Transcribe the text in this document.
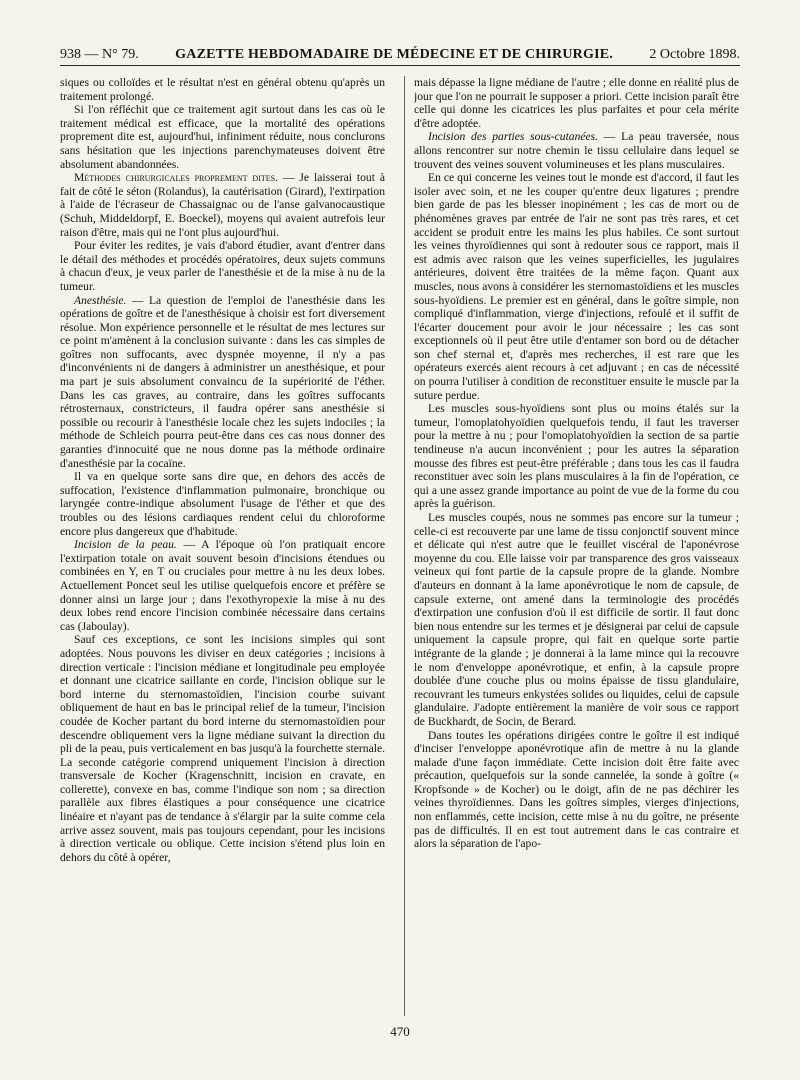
938 — N° 79.	GAZETTE HEBDOMADAIRE DE MÉDECINE ET DE CHIRURGIE.	2 Octobre 1898.

siques ou colloïdes et le résultat n'est en général obtenu qu'après un traitement prolongé.

Si l'on réfléchit que ce traitement agit surtout dans les cas où le traitement médical est efficace, que la mortalité des opérations proprement dite est, aujourd'hui, infiniment réduite, nous conclurons sans hésitation que les injections parenchymateuses doivent être absolument abandonnées.

Méthodes chirurgicales proprement dites. — Je laisserai tout à fait de côté le séton (Rolandus), la cautérisation (Girard), l'extirpation à l'aide de l'écraseur de Chassaignac ou de l'anse galvanocaustique (Schuh, Middeldorpf, E. Boeckel), moyens qui avaient autrefois leur raison d'être, mais qui ne l'ont plus aujourd'hui.

Pour éviter les redites, je vais d'abord étudier, avant d'entrer dans le détail des méthodes et procédés opératoires, deux sujets communs à chacun d'eux, je veux parler de l'anesthésie et de la mise à nu de la tumeur.

Anesthésie. — La question de l'emploi de l'anesthésie dans les opérations de goître et de l'anesthésique à choisir est fort diversement résolue. Mon expérience personnelle et le résultat de mes lectures sur ce point m'amènent à la conclusion suivante : dans les cas simples de goîtres non suffocants, avec dyspnée moyenne, il n'y a pas d'inconvénients ni de dangers à administrer un anesthésique, et pour ma part je suis absolument convaincu de la supériorité de l'éther. Dans les cas graves, au contraire, dans les goîtres suffocants rétrosternaux, constricteurs, il faudra opérer sans anesthésie si possible ou recourir à l'anesthésie locale chez les sujets indociles ; la méthode de Schleich pourra peut-être dans ces cas nous donner des garanties d'innocuité que ne nous donne pas la méthode ordinaire d'anesthésie par la cocaïne.

Il va en quelque sorte sans dire que, en dehors des accès de suffocation, l'existence d'inflammation pulmonaire, bronchique ou laryngée contre-indique absolument l'usage de l'éther et que des troubles ou des lésions cardiaques rendent celui du chloroforme encore plus dangereux que d'habitude.

Incision de la peau. — A l'époque où l'on pratiquait encore l'extirpation totale on avait souvent besoin d'incisions étendues ou combinées en Y, en T ou cruciales pour mettre à nu les deux lobes. Actuellement Poncet seul les utilise quelquefois encore et préfère se donner ainsi un large jour ; dans l'exothyropexie la mise à nu des deux lobes rend encore l'incision combinée nécessaire dans certains cas (Jaboulay).

Sauf ces exceptions, ce sont les incisions simples qui sont adoptées. Nous pouvons les diviser en deux catégories ; incisions à direction verticale : l'incision médiane et longitudinale peu employée et donnant une cicatrice saillante en corde, l'incision oblique sur le bord interne du sternomastoïdien, l'incision courbe suivant obliquement de haut en bas le principal relief de la tumeur, l'incision coudée de Kocher partant du bord interne du sternomastoïdien pour descendre obliquement vers la ligne médiane suivant la direction du pli de la peau, puis verticalement en bas jusqu'à la fourchette sternale. La seconde catégorie comprend uniquement l'incision à direction transversale de Kocher (Kragenschnitt, incision en cravate, en collerette), convexe en bas, comme l'indique son nom ; sa direction parallèle aux fibres élastiques a pour conséquence une cicatrice linéaire et n'ayant pas de tendance à s'élargir par la suite comme cela arrive assez souvent, mais pas toujours cependant, pour les incisions à direction verticale ou oblique. Cette incision s'étend plus loin en dehors du côté à opérer,

mais dépasse la ligne médiane de l'autre ; elle donne en réalité plus de jour que l'on ne pourrait le supposer a priori. Cette incision paraît être celle qui donne les cicatrices les plus parfaites et pour cela mérite d'être adoptée.

Incision des parties sous-cutanées. — La peau traversée, nous allons rencontrer sur notre chemin le tissu cellulaire dans lequel se trouvent des veines souvent volumineuses et les plans musculaires.

En ce qui concerne les veines tout le monde est d'accord, il faut les isoler avec soin, et ne les couper qu'entre deux ligatures ; prendre bien garde de pas les blesser inopinément ; les cas de mort ou de phénomènes graves par entrée de l'air ne sont pas très rares, et cet accident se produit entre les mains les plus habiles. Ce sont surtout les veines thyroïdiennes qui sont à redouter sous ce rapport, mais il est admis avec raison que les veines superficielles, les jugulaires antérieures, doivent être traitées de la même façon. Quant aux muscles, nous avons à considérer les sternomastoïdiens et les muscles sous-hyoïdiens. Le premier est en général, dans le goître simple, non compliqué d'inflammation, vierge d'injections, refoulé et il suffit de l'écarter doucement pour avoir le jour nécessaire ; les cas sont exceptionnels où il peut être utile d'entamer son bord ou de détacher son chef sternal et, d'après mes recherches, il est rare que les opérateurs exercés aient recours à cet adjuvant ; en cas de nécessité on pourra l'utiliser à condition de reconstituer ensuite le muscle par la suture perdue.

Les muscles sous-hyoïdiens sont plus ou moins étalés sur la tumeur, l'omoplatohyoïdien quelquefois tendu, il faut les traverser pour la mettre à nu ; pour l'omoplatohyoïdien la section de sa partie tendineuse n'a aucun inconvénient ; pour les autres la séparation mousse des fibres est peut-être préférable ; dans tous les cas il faudra reconstituer avec soin les plans musculaires à la fin de l'opération, ce qui a une assez grande importance au point de vue de la forme du cou après la guérison.

Les muscles coupés, nous ne sommes pas encore sur la tumeur ; celle-ci est recouverte par une lame de tissu conjonctif souvent mince et délicate qui n'est autre que le feuillet viscéral de l'aponévrose moyenne du cou. Elle laisse voir par transparence des gros vaisseaux veineux qui font partie de la capsule propre de la glande. Nombre d'auteurs en donnant à la lame aponévrotique le nom de capsule, de capsule externe, ont amené dans la terminologie des procédés d'extirpation une confusion d'où il est difficile de sortir. Il faut donc bien nous entendre sur les termes et je désignerai par celui de capsule uniquement la capsule propre, qui fait en quelque sorte partie intégrante de la glande ; je donnerai à la lame mince qui la recouvre le nom d'enveloppe aponévrotique, et enfin, à la capsule propre doublée d'une couche plus ou moins épaisse de tissu glandulaire, recouvrant les tumeurs enkystées solides ou liquides, celui de capsule glandulaire. J'adopte entièrement la manière de voir sous ce rapport de Buckhardt, de Socin, de Berard.

Dans toutes les opérations dirigées contre le goître il est indiqué d'inciser l'enveloppe aponévrotique afin de mettre à nu la glande malade d'une façon immédiate. Cette incision doit être faite avec précaution, quelquefois sur la sonde cannelée, la sonde à goître (« Kropfsonde » de Kocher) ou le doigt, afin de ne pas déchirer les veines thyroïdiennes. Dans les goîtres simples, vierges d'injections, non enflammés, cette incision, cette mise à nu du goître, ne présente pas de difficultés. Il en est tout autrement dans le cas contraire et alors la séparation de l'apo-

470
